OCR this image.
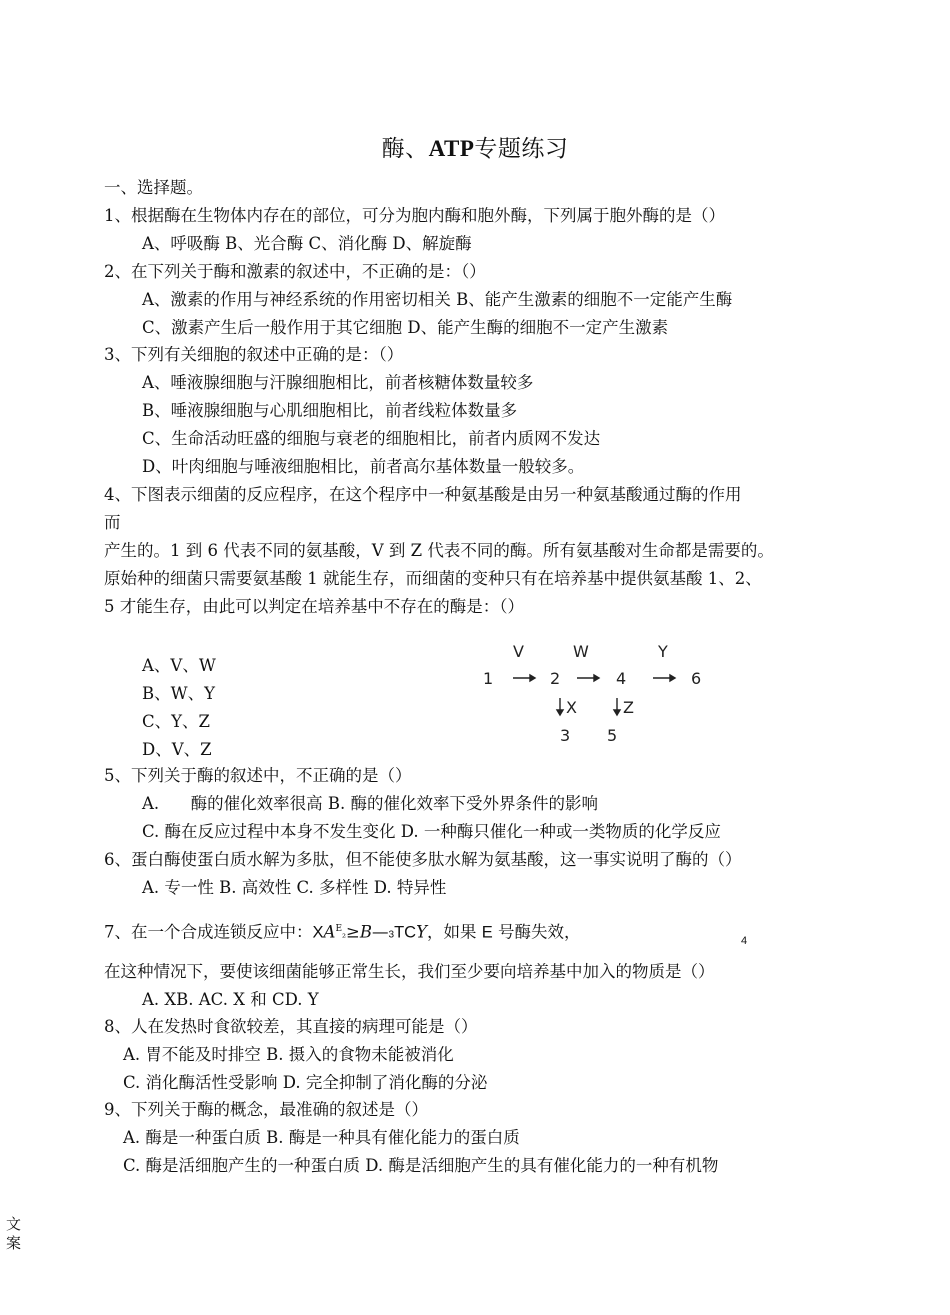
酶、ATP专题练习
一、选择题。
1、根据酶在生物体内存在的部位，可分为胞内酶和胞外酶，下列属于胞外酶的是（）
A、呼吸酶 B、光合酶 C、消化酶 D、解旋酶
2、在下列关于酶和激素的叙述中，不正确的是：（）
A、激素的作用与神经系统的作用密切相关 B、能产生激素的细胞不一定能产生酶
C、激素产生后一般作用于其它细胞 D、能产生酶的细胞不一定产生激素
3、下列有关细胞的叙述中正确的是：（）
A、唾液腺细胞与汗腺细胞相比，前者核糖体数量较多
B、唾液腺细胞与心肌细胞相比，前者线粒体数量多
C、生命活动旺盛的细胞与衰老的细胞相比，前者内质网不发达
D、叶肉细胞与唾液细胞相比，前者高尔基体数量一般较多。
4、下图表示细菌的反应程序，在这个程序中一种氨基酸是由另一种氨基酸通过酶的作用
而
产生的。1 到 6 代表不同的氨基酸，V 到 Z 代表不同的酶。所有氨基酸对生命都是需要的。
原始种的细菌只需要氨基酸 1 就能生存，而细菌的变种只有在培养基中提供氨基酸 1、2、
5 才能生存，由此可以判定在培养基中不存在的酶是：（）
A、V、W
B、W、Y
C、Y、Z
D、V、Z
V	W	Y
1	2	4	6
X	Z
3 5
5、下列关于酶的叙述中，不正确的是（）
A.      酶的催化效率很高 B. 酶的催化效率下受外界条件的影响
C. 酶在反应过程中本身不发生变化 D. 一种酶只催化一种或一类物质的化学反应
6、蛋白酶使蛋白质水解为多肽，但不能使多肽水解为氨基酸，这一事实说明了酶的（）
A. 专一性 B. 高效性 C. 多样性 D. 特异性
7、在一个合成连锁反应中：$XA^E_2\ge B—3TCY$，如果 E 号酶失效，	4
在这种情况下，要使该细菌能够正常生长，我们至少要向培养基中加入的物质是（）
A. XB. AC. X 和 CD. Y
8、人在发热时食欲较差，其直接的病理可能是（）
A. 胃不能及时排空 B. 摄入的食物未能被消化
C. 消化酶活性受影响 D. 完全抑制了消化酶的分泌
9、下列关于酶的概念，最准确的叙述是（）
A. 酶是一种蛋白质 B. 酶是一种具有催化能力的蛋白质
C. 酶是活细胞产生的一种蛋白质 D. 酶是活细胞产生的具有催化能力的一种有机物
文案
